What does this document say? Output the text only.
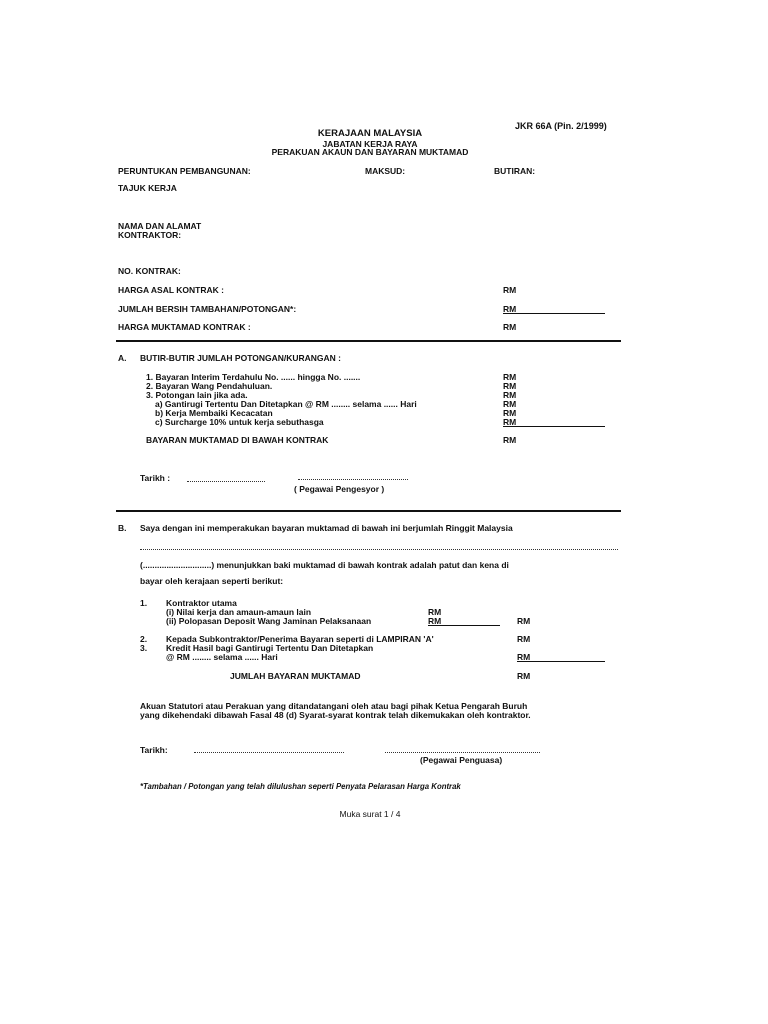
JKR 66A (Pin. 2/1999)
KERAJAAN MALAYSIA
JABATAN KERJA RAYA
PERAKUAN AKAUN DAN BAYARAN MUKTAMAD
PERUNTUKAN PEMBANGUNAN:	MAKSUD:	BUTIRAN:
TAJUK KERJA
NAMA DAN ALAMAT
KONTRAKTOR:
NO. KONTRAK:
HARGA ASAL KONTRAK :	RM
JUMLAH BERSIH TAMBAHAN/POTONGAN*:	RM
HARGA MUKTAMAD KONTRAK :	RM
A. BUTIR-BUTIR JUMLAH POTONGAN/KURANGAN :
1. Bayaran Interim Terdahulu No. ...... hingga No. .......	RM
2. Bayaran Wang Pendahuluan.	RM
3. Potongan lain jika ada.	RM
a) Gantirugi Tertentu Dan Ditetapkan @ RM ........ selama ...... Hari	RM
b) Kerja Membaiki Kecacatan	RM
c) Surcharge 10% untuk kerja sebuthasga	RM
BAYARAN MUKTAMAD DI BAWAH KONTRAK	RM
Tarikh :
( Pegawai Pengesyor )
B. Saya dengan ini memperakukan bayaran muktamad di bawah ini berjumlah Ringgit Malaysia
(.............................) menunjukkan baki muktamad di bawah kontrak adalah patut dan kena di
bayar oleh kerajaan seperti berikut:
1. Kontraktor utama
(i) Nilai kerja dan amaun-amaun lain	RM
(ii) Polopasan Deposit Wang Jaminan Pelaksanaan	RM	RM
2. Kepada Subkontraktor/Penerima Bayaran seperti di LAMPIRAN 'A'	RM
3. Kredit Hasil bagi Gantirugi Tertentu Dan Ditetapkan
@ RM ........ selama ...... Hari	RM
JUMLAH BAYARAN MUKTAMAD	RM
Akuan Statutori atau Perakuan yang ditandatangani oleh atau bagi pihak Ketua Pengarah Buruh
yang dikehendaki dibawah Fasal 48 (d) Syarat-syarat kontrak telah dikemukakan oleh kontraktor.
Tarikh:
(Pegawai Penguasa)
*Tambahan / Potongan yang telah dilulushan seperti Penyata Pelarasan Harga Kontrak
Muka surat 1 / 4
